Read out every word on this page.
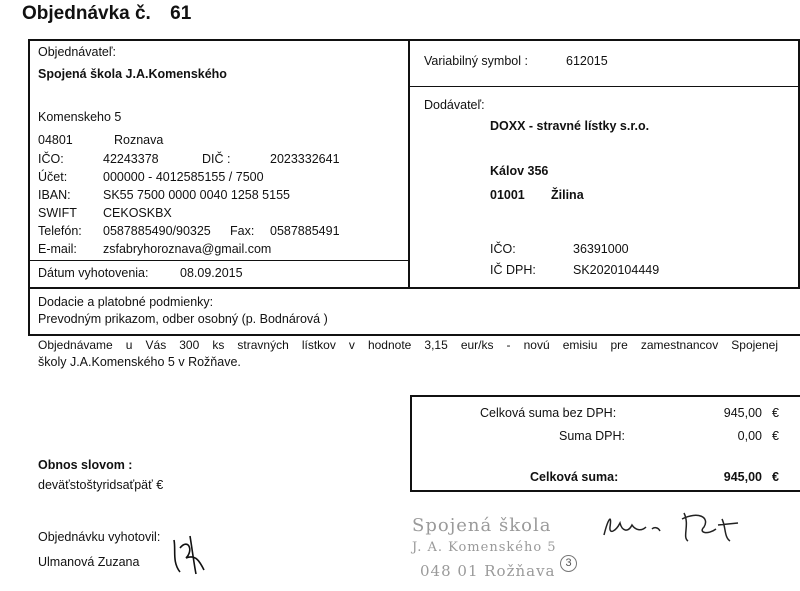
Objednávka č. 61
Objednávateľ:
Spojená škola J.A.Komenského
Komenskeho 5
04801	Roznava
IČO:	42243378	DIČ :	2023332641
Účet:	000000 - 4012585155 / 7500
IBAN:	SK55 7500 0000 0040 1258 5155
SWIFT CEKOSKBX
Telefón: 0587885490/90325 Fax: 0587885491
E-mail: zsfabryhoroznava@gmail.com
Dátum vyhotovenia:	08.09.2015
Variabilný symbol :	612015
Dodávateľ:
DOXX - stravné lístky s.r.o.
Kálov 356
01001 Žilina
IČO:	36391000
IČ DPH:	SK2020104449
Dodacie a platobné podmienky:
Prevodným prikazom, odber osobný (p. Bodnárová )
Objednávame u Vás 300 ks stravných lístkov v hodnote 3,15 eur/ks - novú emisiu pre zamestnancov Spojenej
školy J.A.Komenského 5 v Rožňave.
Celková suma bez DPH:	945,00 €
Suma DPH:	0,00 €
Celková suma:	945,00 €
Obnos slovom :
deväťstoštyridsaťpäť €
Objednávku vyhotovil:
Ulmanová Zuzana
Spojená škola
J. A. Komenského 5
048 01 Rožňava 3
